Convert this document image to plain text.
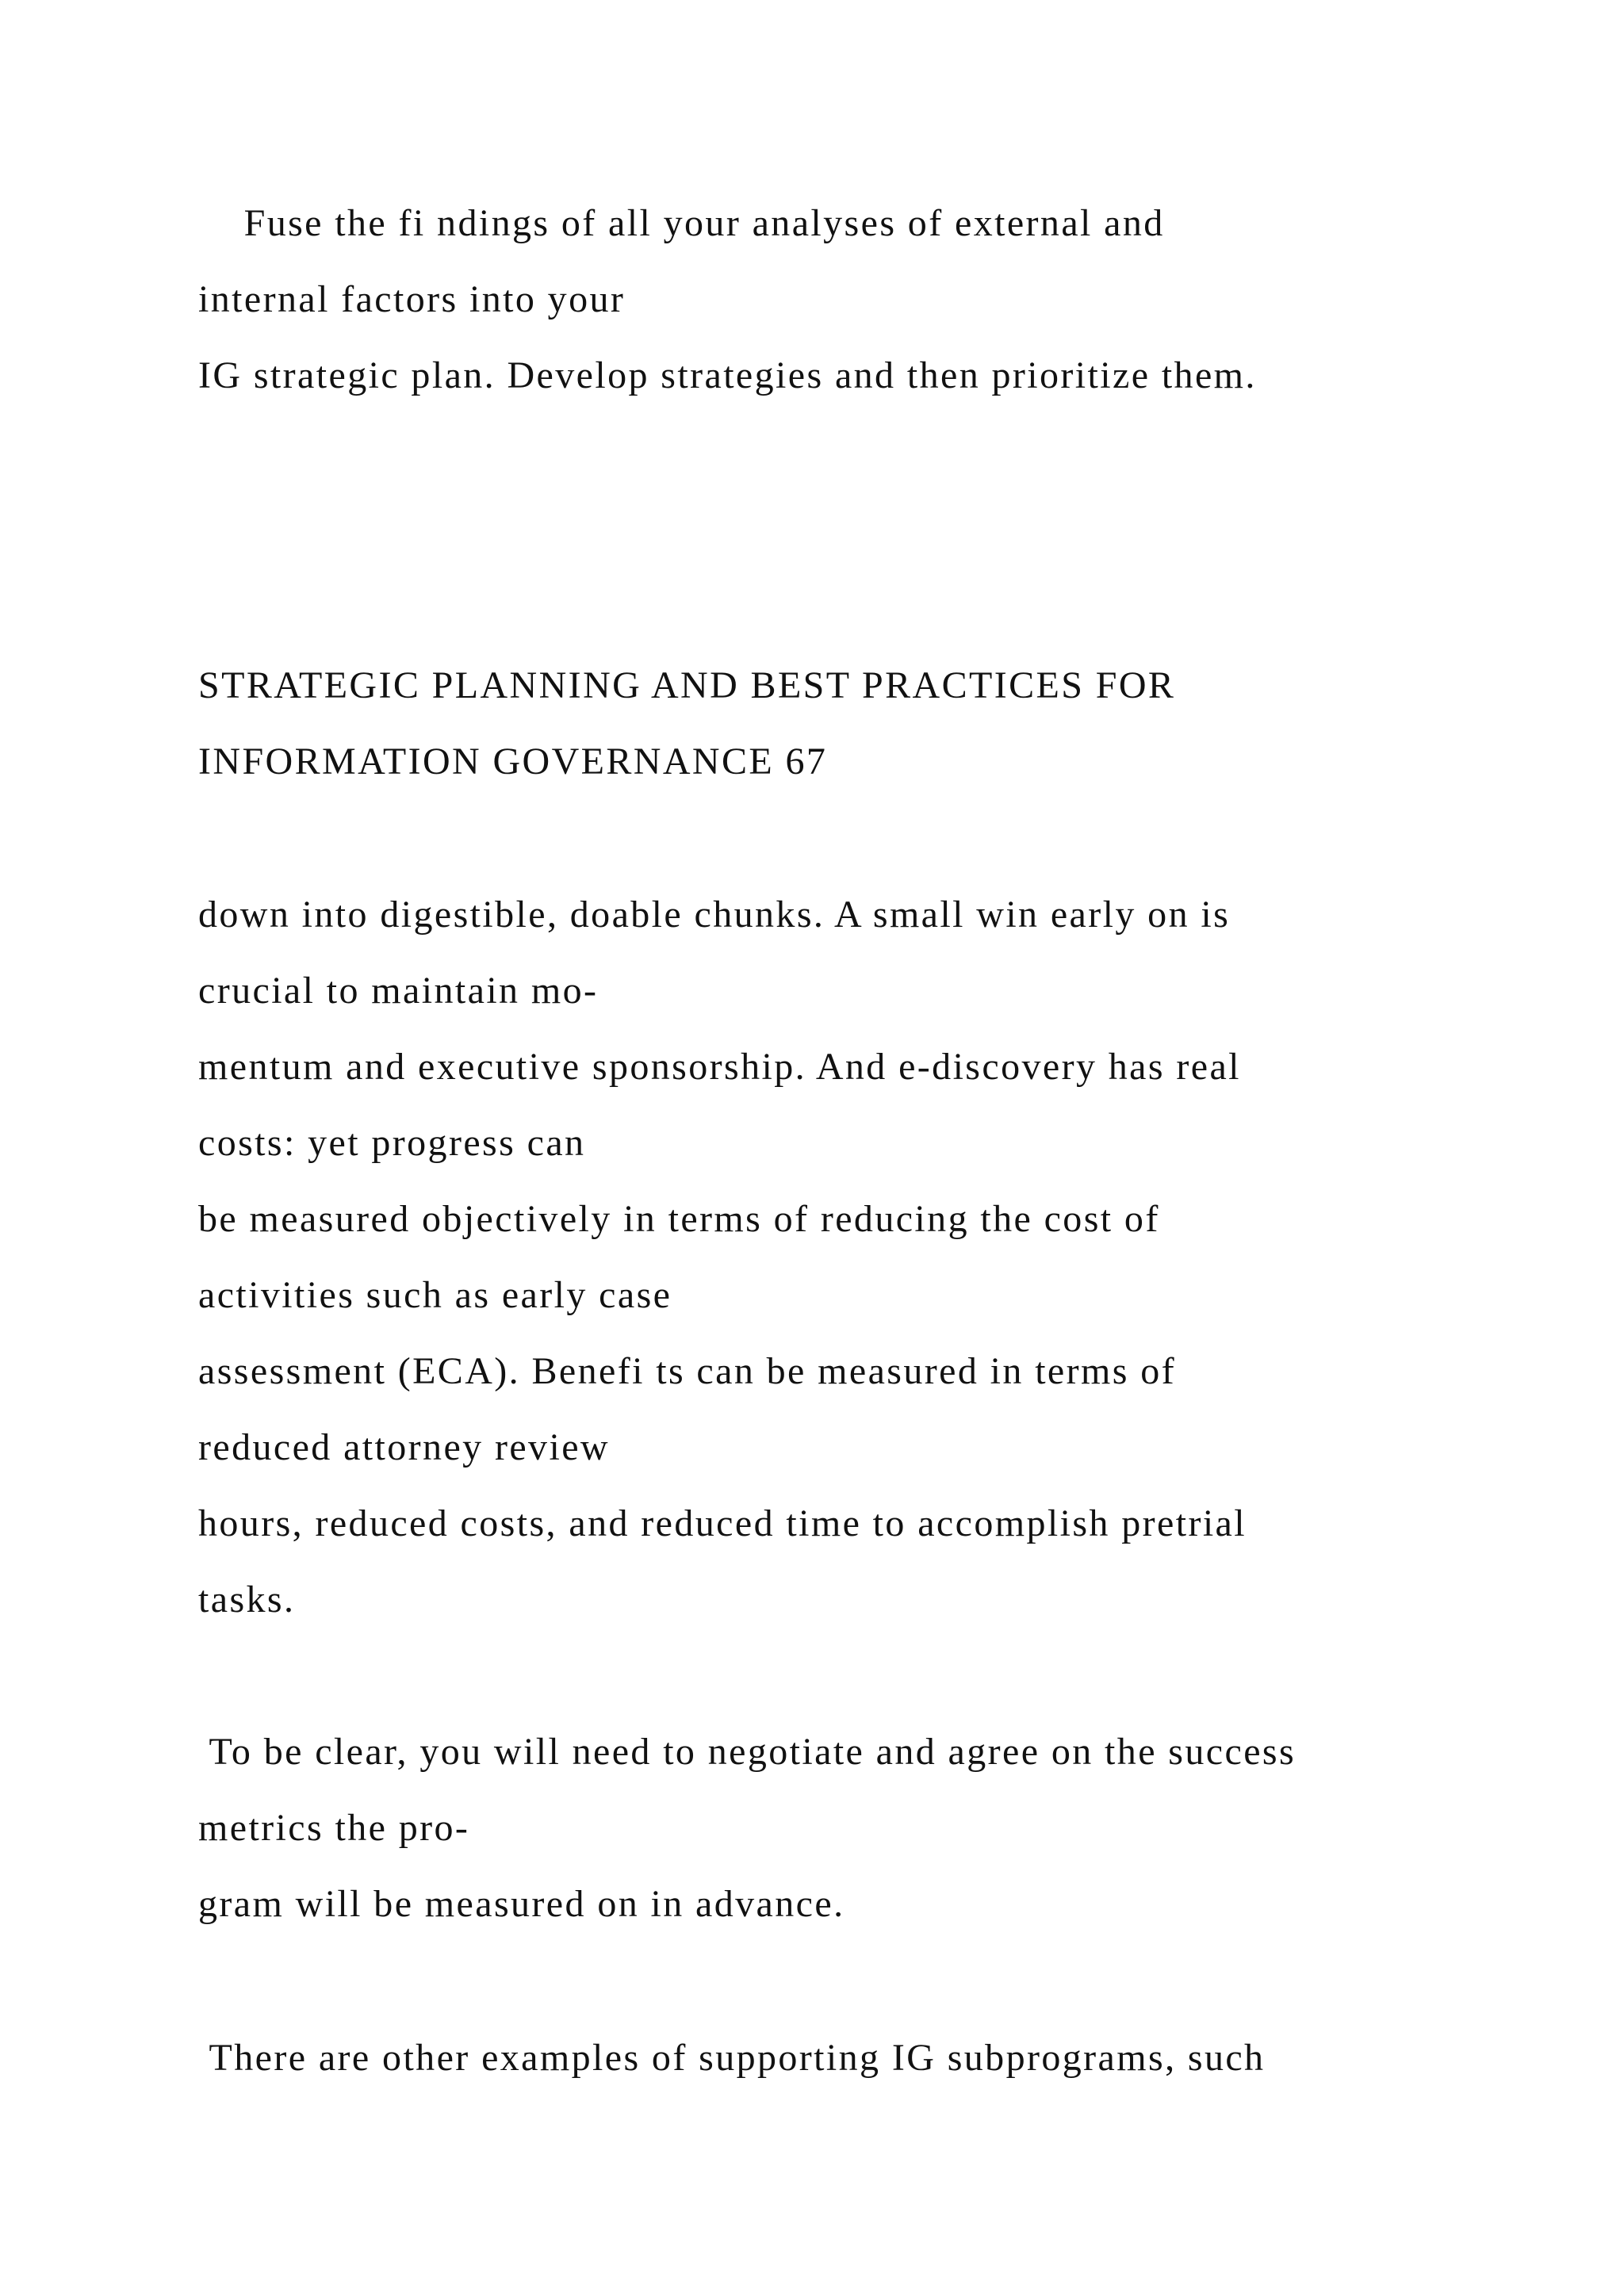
Fuse the fi ndings of all your analyses of external and
internal factors into your
IG strategic plan. Develop strategies and then prioritize them.
STRATEGIC PLANNING AND BEST PRACTICES FOR
INFORMATION GOVERNANCE 67
down into digestible, doable chunks. A small win early on is
crucial to maintain mo-
mentum and executive sponsorship. And e-discovery has real
costs: yet progress can
be measured objectively in terms of reducing the cost of
activities such as early case
assessment (ECA). Benefi ts can be measured in terms of
reduced attorney review
hours, reduced costs, and reduced time to accomplish pretrial
tasks.
To be clear, you will need to negotiate and agree on the success
metrics the pro-
gram will be measured on in advance.
There are other examples of supporting IG subprograms, such
